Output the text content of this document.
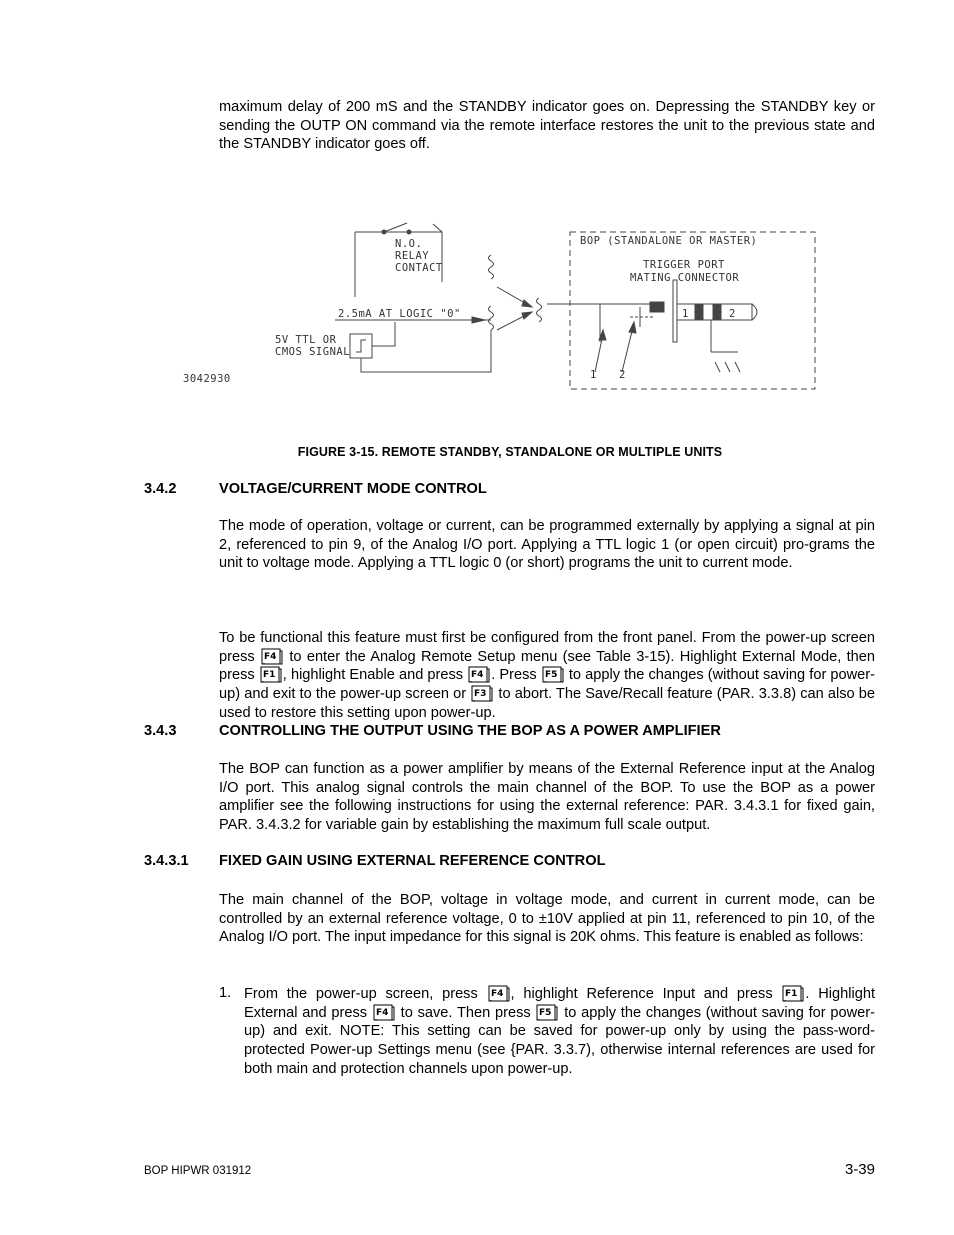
maximum delay of 200 mS and the STANDBY indicator goes on. Depressing the STANDBY key or sending the OUTP ON command via the remote interface restores the unit to the previous state and the STANDBY indicator goes off.
N.O.
RELAY
CONTACT
2.5mA AT LOGIC "0"
5V TTL OR
CMOS SIGNAL
BOP (STANDALONE OR MASTER)
TRIGGER PORT
MATING CONNECTOR
1	2
1 2
3042930
FIGURE 3-15. REMOTE STANDBY, STANDALONE OR MULTIPLE UNITS
3.4.2	VOLTAGE/CURRENT MODE CONTROL
The mode of operation, voltage or current, can be programmed externally by applying a signal at pin 2, referenced to pin 9, of the Analog I/O port. Applying a TTL logic 1 (or open circuit) pro-grams the unit to voltage mode. Applying a TTL logic 0 (or short) programs the unit to current mode.
To be functional this feature must first be configured from the front panel. From the power-up screen press F4 to enter the Analog Remote Setup menu (see Table 3-15). Highlight External Mode, then press F1 , highlight Enable and press F4 . Press F5 to apply the changes (without saving for power-up) and exit to the power-up screen or F3 to abort. The Save/Recall feature (PAR. 3.3.8) can also be used to restore this setting upon power-up.
3.4.3	CONTROLLING THE OUTPUT USING THE BOP AS A POWER AMPLIFIER
The BOP can function as a power amplifier by means of the External Reference input at the Analog I/O port. This analog signal controls the main channel of the BOP. To use the BOP as a power amplifier see the following instructions for using the external reference: PAR. 3.4.3.1 for fixed gain, PAR. 3.4.3.2 for variable gain by establishing the maximum full scale output.
3.4.3.1 FIXED GAIN USING EXTERNAL REFERENCE CONTROL
The main channel of the BOP, voltage in voltage mode, and current in current mode, can be controlled by an external reference voltage, 0 to ±10V applied at pin 11, referenced to pin 10, of the Analog I/O port. The input impedance for this signal is 20K ohms. This feature is enabled as follows:
1. From the power-up screen, press F4 , highlight Reference Input and press F1 . Highlight External and press F4 to save. Then press F5 to apply the changes (without saving for power-up) and exit. NOTE: This setting can be saved for power-up only by using the pass-word-protected Power-up Settings menu (see {PAR. 3.3.7), otherwise internal references are used for both main and protection channels upon power-up.
BOP HIPWR 031912	3-39
